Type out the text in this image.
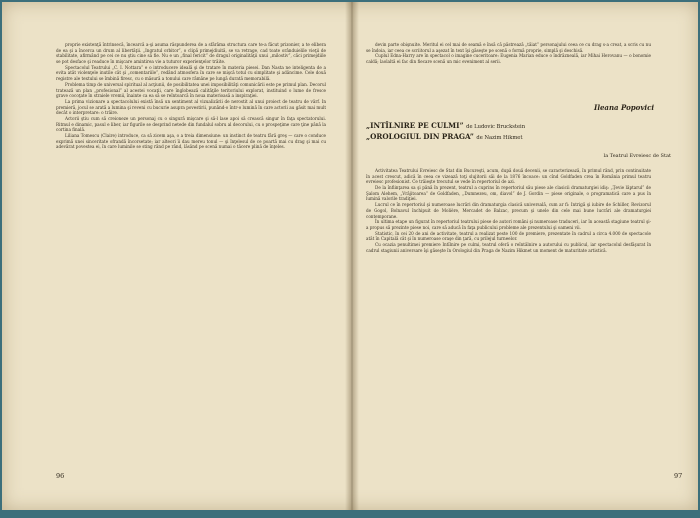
proprie existenţă întrinsecă, încearcă a-şi asuma răspunderea de a sfărâma structura care te-a făcut prizonier, a te elibera de ea şi a încerca un drum al libertăţii. „Ingratul orbitor”, o clipă primejdiuită, se va retrage, cad toate orânduielile vieţii de stabilitate, afirmând pe cei ce nu ştiu cine să fie. Nu e un „final fericit” de dragul originalităţii unui „milostiv”, căci primejdiile se pot desface şi readuce în mişcare amintirea vie a tuturor experienţelor trăite.

Spectacolul Teatrului „C. I. Nottara” e o introducere ideală şi de tratare în materia piesei. Dan Nasta ne inteligenta de a evita atât violenţele inutile cât şi „comentariile”, redând atmosfera în care se mişcă totul cu simplitate şi adâncime. Cele două registre ale textului se îmbină firesc, cu o măsură a tonului care rămâne pe lungă durată memorabilă.

Problema timp de universal spiritual al acţiunii, de posibilitatea unei imposibilităţi comunicării este pe primul plan. Decorul tratează un plan „profesional” al acestei vocaţii, care înglobează calităţile teritoriului explorat, instituind o lume de fresce grave cocoţate în straiele vremii, înainte ca ea să se reîntoarcă în noua materioasă a inspiraţiei.

La prima vizionare a spectacolului există însă un sentiment al vizualizării de nerostit al unui proiect de teatru de vârf. In premieră, jocul se arată a lumina şi reveni cu bucurie asupra povestirii, punând-o într-o lumină în care actorii au găsit mai mult decât o interpretare: o trăire.

Actorii ştiu cum să creioneze un personaj cu o singură mişcare şi să-l lase apoi să crească singur în faţa spectatorului. Ritmul e dinamic, pasul e liber, iar figurile se desprind netede din fundalul sobru al decorului, cu o prospeţime care ţine până la cortina finală.

Liliana Tomescu (Claire) introduce, ca să zicem aşa, o a treia dimensiune: un instinct de teatru fără greş — care o conduce exprimă unei sinceritate ofrandă încorsetate; iar alteori îi dau mereu tonul — şi înţelesul de ce poartă mai cu drag şi mai cu adevărat povestea ei, în care luminile se sting rând pe rând, lăsând pe scenă numai o tăcere plină de înţeles.

96

devin parte obişnuite. Meritul ei cel mai de seamă e însă că păstrează „tăiat” personajului ceea ce cu drag s-a creat, a scris cu nu se îndoia, iar ceea ce scriitorul a aşezat în text îşi găseşte pe scenă o formă proprie, simplă şi deschisă.

Cuplul Edna-Harry are în spectacol o imagine cuceritoare: Eugenia Marian educe o îndrăzneală, iar Mihai Herovanu — o bonomie caldă; laolaltă ei fac din fiecare scenă un mic eveniment al serii.

Ileana Popovici
„INTÎLNIRE PE CULMI” de Ludovic Bruckstein
„OROLOGIUL DIN PRAGA” de Nazim Hikmet
la Teatrul Evreiesc de Stat

Activitatea Teatrului Evreiesc de Stat din Bucureşti, acum, după două decenii, se caracterizează, în primul rând, prin continuitate în acest crescut, adică în ceea ce vizează toţi slujitorii săi de la 1876 încoace: un cînd Goldfaden crea în România primul teatru evreiesc profesionist. Ce trăieşte trecutul se vede în repertoriul de azi.

De la înfiinţarea sa şi până în prezent, teatrul a cuprins în repertoriul său piese ale clasicii dramaturgiei idiş: „Ţevie lăptarul” de Şalom Alehem, „Vrăjitoarea” de Goldfaden, „Dumnezeu, om, diavol” de J. Gordin — piese originale, o programatică care a pus în lumină valorile tradiţiei.

Lucrul ce în repertoriul şi numeroase lucrări din dramaturgia clasică universală, cum ar fi: Intrigă şi iubire de Schiller, Revizorul de Gogol, Bolnavul închipuit de Molière, Mercadet de Balzac, precum şi unele din cele mai bune lucrări ale dramaturgiei contemporane.

În ultima etape un figurat în repertoriul teatrului piese de autori români şi numeroase traduceri, iar în această stagiune teatrul şi-a propus să prezinte piese noi, care să aducă în faţa publicului probleme ale prezentului şi oameni vii.

Statistic, în cei 20 de ani de activitate, teatrul a realizat peste 100 de premiere, prezentate în cadrul a circa 4.000 de spectacole atât în Capitală cât şi în numeroase oraşe din ţară, cu prilejul turneelor.

Cu ocazia penultimei premiere Intîlnire pe culmi, teatrul oferă o reîntâlnire a autorului cu publicul, iar spectacolul desfăşurat în cadrul stagiunii aniversare îşi găseşte în Orologiul din Praga de Nazim Hikmet un moment de maturitate artistică.

97
